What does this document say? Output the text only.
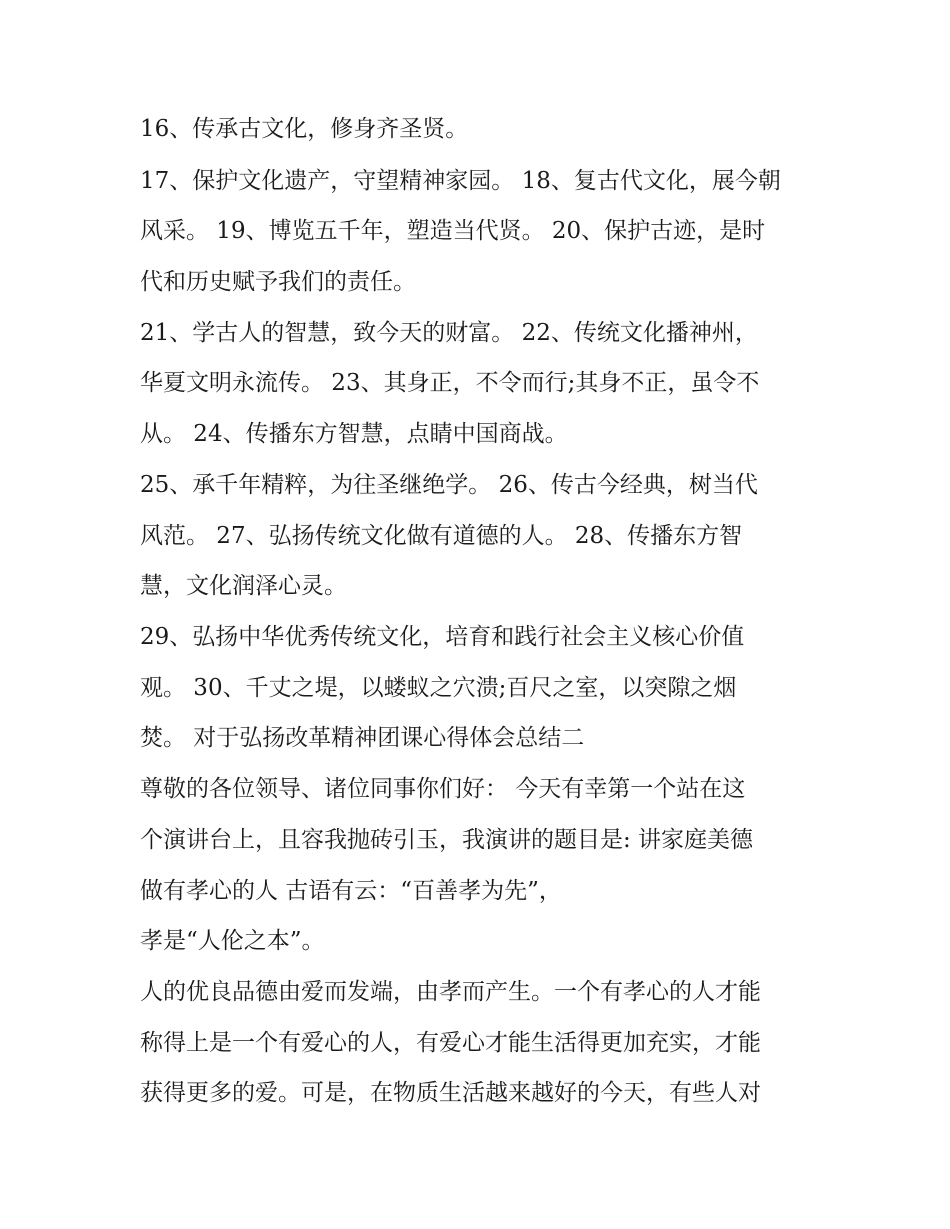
16、传承古文化，修身齐圣贤。
17、保护文化遗产，守望精神家园。 18、复古代文化，展今朝
风采。 19、博览五千年，塑造当代贤。 20、保护古迹，是时
代和历史赋予我们的责任。
21、学古人的智慧，致今天的财富。 22、传统文化播神州，
华夏文明永流传。 23、其身正，不令而行;其身不正，虽令不
从。 24、传播东方智慧，点睛中国商战。
25、承千年精粹，为往圣继绝学。 26、传古今经典，树当代
风范。 27、弘扬传统文化做有道德的人。 28、传播东方智
慧，文化润泽心灵。
29、弘扬中华优秀传统文化，培育和践行社会主义核心价值
观。 30、千丈之堤，以蝼蚁之穴溃;百尺之室，以突隙之烟
焚。 对于弘扬改革精神团课心得体会总结二
尊敬的各位领导、诸位同事你们好： 今天有幸第一个站在这
个演讲台上，且容我抛砖引玉，我演讲的题目是: 讲家庭美德
做有孝心的人 古语有云：“百善孝为先”，
孝是“人伦之本”。
人的优良品德由爱而发端，由孝而产生。一个有孝心的人才能
称得上是一个有爱心的人，有爱心才能生活得更加充实，才能
获得更多的爱。可是，在物质生活越来越好的今天，有些人对
